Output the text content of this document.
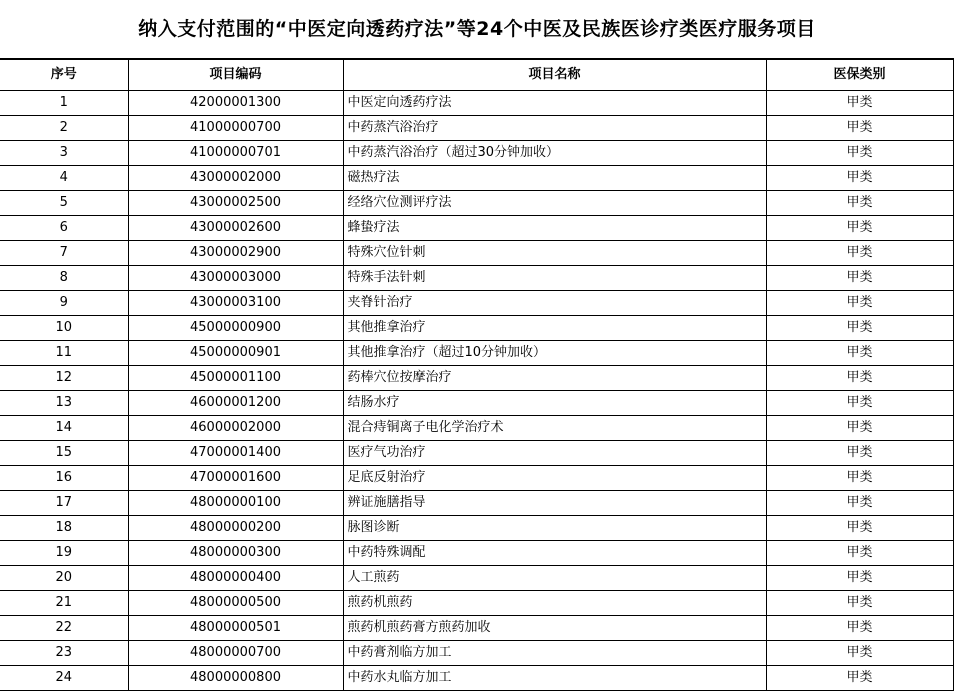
纳入支付范围的“中医定向透药疗法”等24个中医及民族医诊疗类医疗服务项目
序号	项目编码	项目名称	医保类别
1	42000001300	中医定向透药疗法	甲类
2	41000000700	中药蒸汽浴治疗	甲类
3	41000000701	中药蒸汽浴治疗（超过30分钟加收）	甲类
4	43000002000	磁热疗法	甲类
5	43000002500	经络穴位测评疗法	甲类
6	43000002600	蜂蛰疗法	甲类
7	43000002900	特殊穴位针刺	甲类
8	43000003000	特殊手法针刺	甲类
9	43000003100	夹脊针治疗	甲类
10	45000000900	其他推拿治疗	甲类
11	45000000901	其他推拿治疗（超过10分钟加收）	甲类
12	45000001100	药棒穴位按摩治疗	甲类
13	46000001200	结肠水疗	甲类
14	46000002000	混合痔铜离子电化学治疗术	甲类
15	47000001400	医疗气功治疗	甲类
16	47000001600	足底反射治疗	甲类
17	48000000100	辨证施膳指导	甲类
18	48000000200	脉图诊断	甲类
19	48000000300	中药特殊调配	甲类
20	48000000400	人工煎药	甲类
21	48000000500	煎药机煎药	甲类
22	48000000501	煎药机煎药膏方煎药加收	甲类
23	48000000700	中药膏剂临方加工	甲类
24	48000000800	中药水丸临方加工	甲类
